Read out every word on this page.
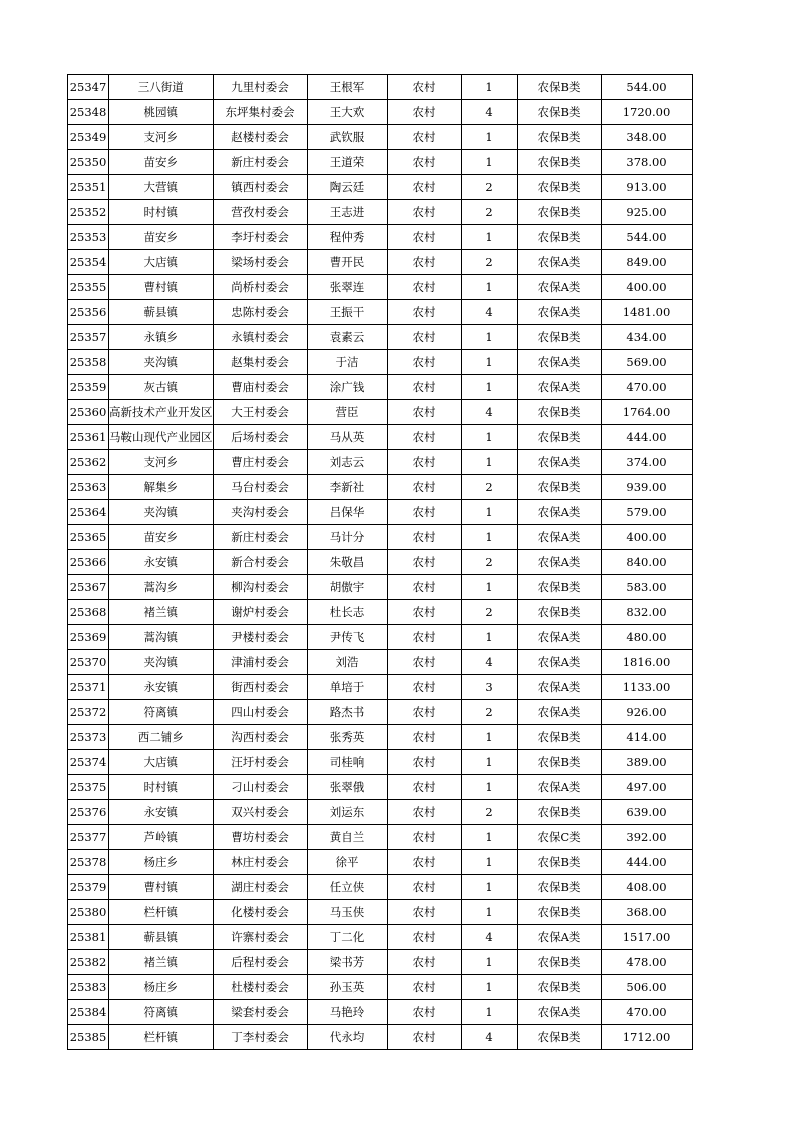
25347	三八街道	九里村委会	王根军	农村	1	农保B类	544.00
25348	桃园镇	东坪集村委会	王大欢	农村	4	农保B类	1720.00
25349	支河乡	赵楼村委会	武钦服	农村	1	农保B类	348.00
25350	苗安乡	新庄村委会	王道荣	农村	1	农保B类	378.00
25351	大营镇	镇西村委会	陶云廷	农村	2	农保B类	913.00
25352	时村镇	营孜村委会	王志进	农村	2	农保B类	925.00
25353	苗安乡	李圩村委会	程仲秀	农村	1	农保B类	544.00
25354	大店镇	梁场村委会	曹开民	农村	2	农保A类	849.00
25355	曹村镇	尚桥村委会	张翠连	农村	1	农保A类	400.00
25356	蕲县镇	忠陈村委会	王振干	农村	4	农保A类	1481.00
25357	永镇乡	永镇村委会	袁素云	农村	1	农保B类	434.00
25358	夹沟镇	赵集村委会	于洁	农村	1	农保A类	569.00
25359	灰古镇	曹庙村委会	涂广钱	农村	1	农保A类	470.00
25360	高新技术产业开发区	大王村委会	营臣	农村	4	农保B类	1764.00
25361	马鞍山现代产业园区	后场村委会	马从英	农村	1	农保B类	444.00
25362	支河乡	曹庄村委会	刘志云	农村	1	农保A类	374.00
25363	解集乡	马台村委会	李新社	农村	2	农保B类	939.00
25364	夹沟镇	夹沟村委会	吕保华	农村	1	农保A类	579.00
25365	苗安乡	新庄村委会	马计分	农村	1	农保A类	400.00
25366	永安镇	新合村委会	朱敬昌	农村	2	农保A类	840.00
25367	蒿沟乡	柳沟村委会	胡傲宇	农村	1	农保B类	583.00
25368	褚兰镇	谢炉村委会	杜长志	农村	2	农保B类	832.00
25369	蒿沟镇	尹楼村委会	尹传飞	农村	1	农保A类	480.00
25370	夹沟镇	津浦村委会	刘浩	农村	4	农保A类	1816.00
25371	永安镇	街西村委会	单培于	农村	3	农保A类	1133.00
25372	符离镇	四山村委会	路杰书	农村	2	农保A类	926.00
25373	西二铺乡	沟西村委会	张秀英	农村	1	农保B类	414.00
25374	大店镇	汪圩村委会	司桂响	农村	1	农保B类	389.00
25375	时村镇	刁山村委会	张翠俄	农村	1	农保A类	497.00
25376	永安镇	双兴村委会	刘运东	农村	2	农保B类	639.00
25377	芦岭镇	曹坊村委会	黄自兰	农村	1	农保C类	392.00
25378	杨庄乡	林庄村委会	徐平	农村	1	农保B类	444.00
25379	曹村镇	湖庄村委会	任立侠	农村	1	农保B类	408.00
25380	栏杆镇	化楼村委会	马玉侠	农村	1	农保B类	368.00
25381	蕲县镇	许寨村委会	丁二化	农村	4	农保A类	1517.00
25382	褚兰镇	后程村委会	梁书芳	农村	1	农保B类	478.00
25383	杨庄乡	杜楼村委会	孙玉英	农村	1	农保B类	506.00
25384	符离镇	梁套村委会	马艳玲	农村	1	农保A类	470.00
25385	栏杆镇	丁李村委会	代永均	农村	4	农保B类	1712.00
